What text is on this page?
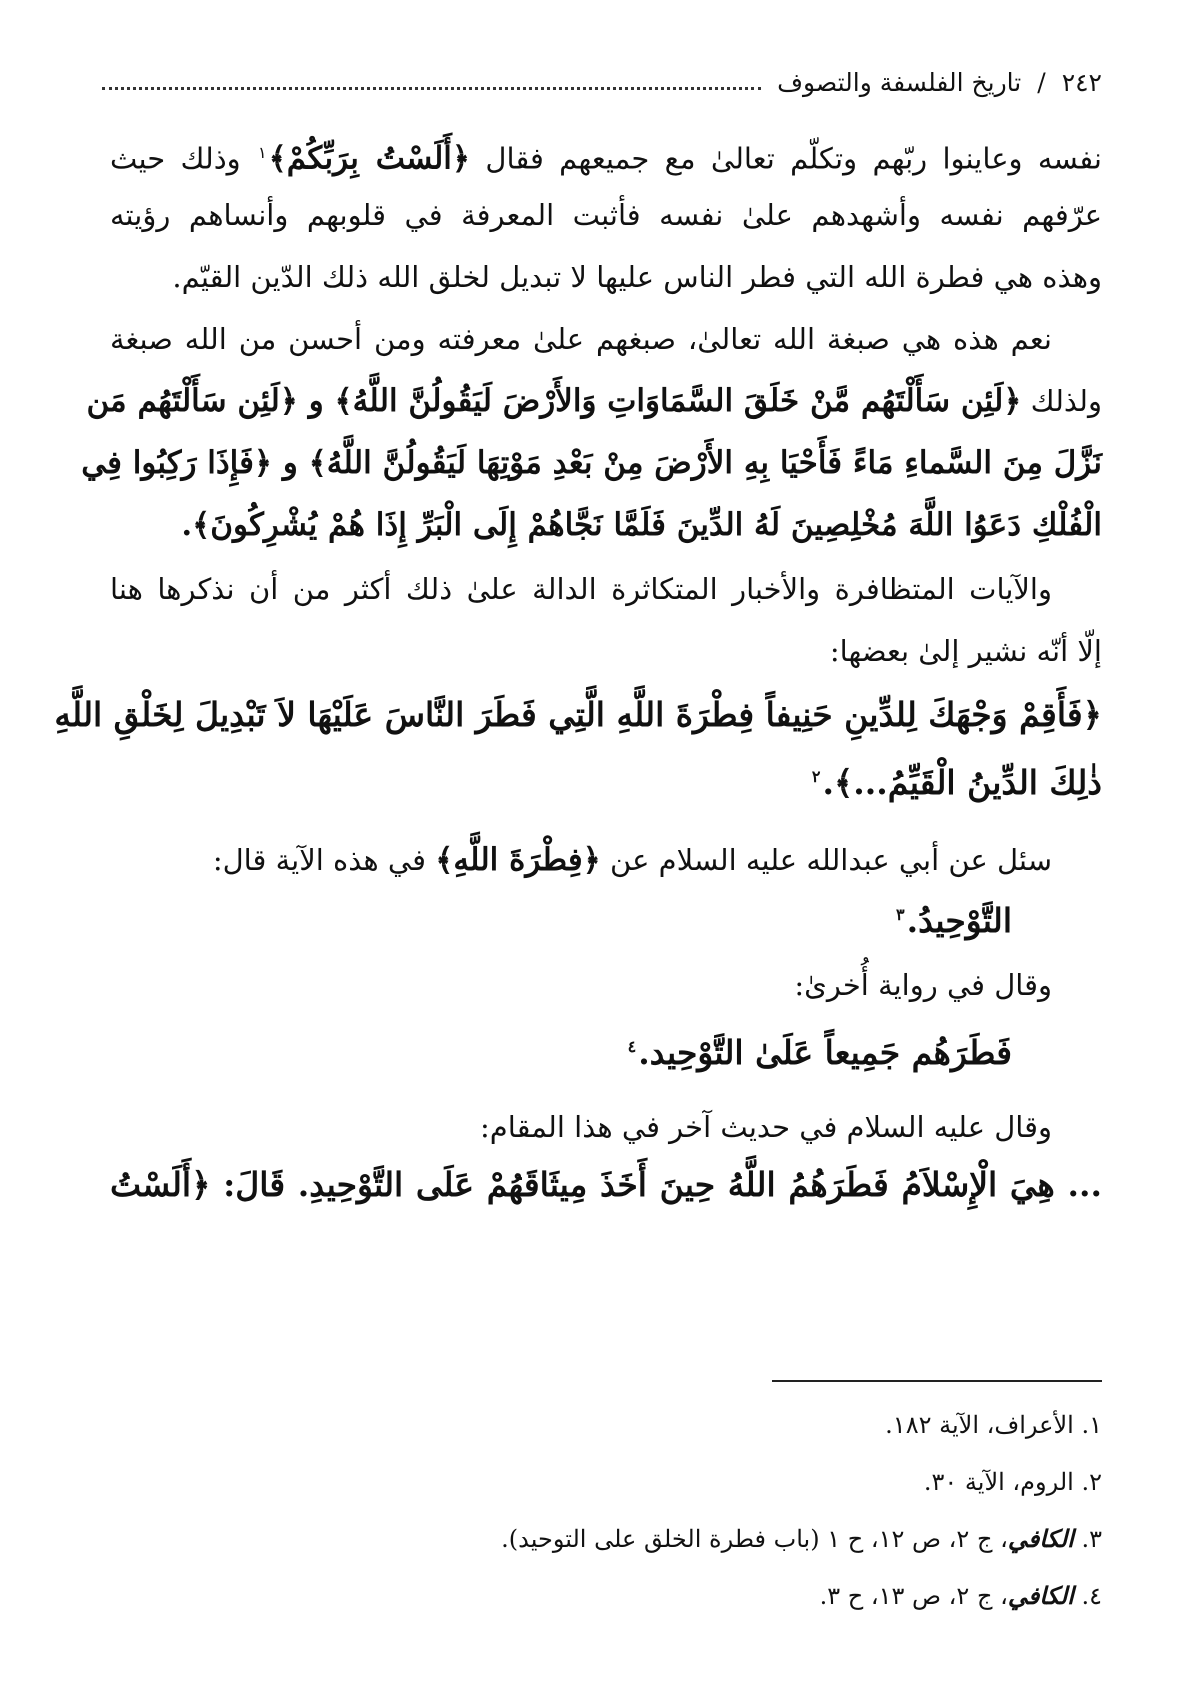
٢٤٢
/
تاريخ الفلسفة والتصوف
نفسه وعاينوا ربّهم وتكلّم تعالىٰ مع جميعهم فقال ﴿أَلَسْتُ بِرَبِّكُمْ﴾$^١$ وذلك حيث
عرّفهم نفسه وأشهدهم علىٰ نفسه فأثبت المعرفة في قلوبهم وأنساهم رؤيته
وهذه هي فطرة الله التي فطر الناس عليها لا تبديل لخلق الله ذلك الدّين القيّم.
نعم هذه هي صبغة الله تعالىٰ، صبغهم علىٰ معرفته ومن أحسن من الله صبغة
ولذلك ﴿لَئِن سَأَلْتَهُم مَّنْ خَلَقَ السَّمَاوَاتِ وَالأَرْضَ لَيَقُولُنَّ اللَّهُ﴾ و ﴿لَئِن سَأَلْتَهُم مَن
نَزَّلَ مِنَ السَّماءِ مَاءً فَأَحْيَا بِهِ الأَرْضَ مِنْ بَعْدِ مَوْتِهَا لَيَقُولُنَّ اللَّهُ﴾ و ﴿فَإِذَا رَكِبُوا فِي
الْفُلْكِ دَعَوُا اللَّهَ مُخْلِصِينَ لَهُ الدِّينَ فَلَمَّا نَجَّاهُمْ إِلَى الْبَرِّ إِذَا هُمْ يُشْرِكُونَ﴾.
والآيات المتظافرة والأخبار المتكاثرة الدالة علىٰ ذلك أكثر من أن نذكرها هنا
إلّا أنّه نشير إلىٰ بعضها:
﴿فَأَقِمْ وَجْهَكَ لِلدِّينِ حَنِيفاً فِطْرَةَ اللَّهِ الَّتِي فَطَرَ النَّاسَ عَلَيْهَا لاَ تَبْدِيلَ لِخَلْقِ اللَّهِ
ذٰلِكَ الدِّينُ الْقَيِّمُ...﴾.$^٢$
سئل عن أبي عبدالله عليه السلام عن ﴿فِطْرَةَ اللَّهِ﴾ في هذه الآية قال:
التَّوْحِيدُ.$^٣$
وقال في رواية أُخرىٰ:
فَطَرَهُم جَمِيعاً عَلَىٰ التَّوْحِيد.$^٤$
وقال عليه السلام في حديث آخر في هذا المقام:
... هِيَ الْإِسْلاَمُ فَطَرَهُمُ اللَّهُ حِينَ أَخَذَ مِيثَاقَهُمْ عَلَى التَّوْحِيدِ. قَالَ: ﴿أَلَسْتُ
١. الأعراف، الآية ١٨٢.
٢. الروم، الآية ٣٠.
٣. الكافي، ج ٢، ص ١٢، ح ١ (باب فطرة الخلق على التوحيد).
٤. الكافي، ج ٢، ص ١٣، ح ٣.
